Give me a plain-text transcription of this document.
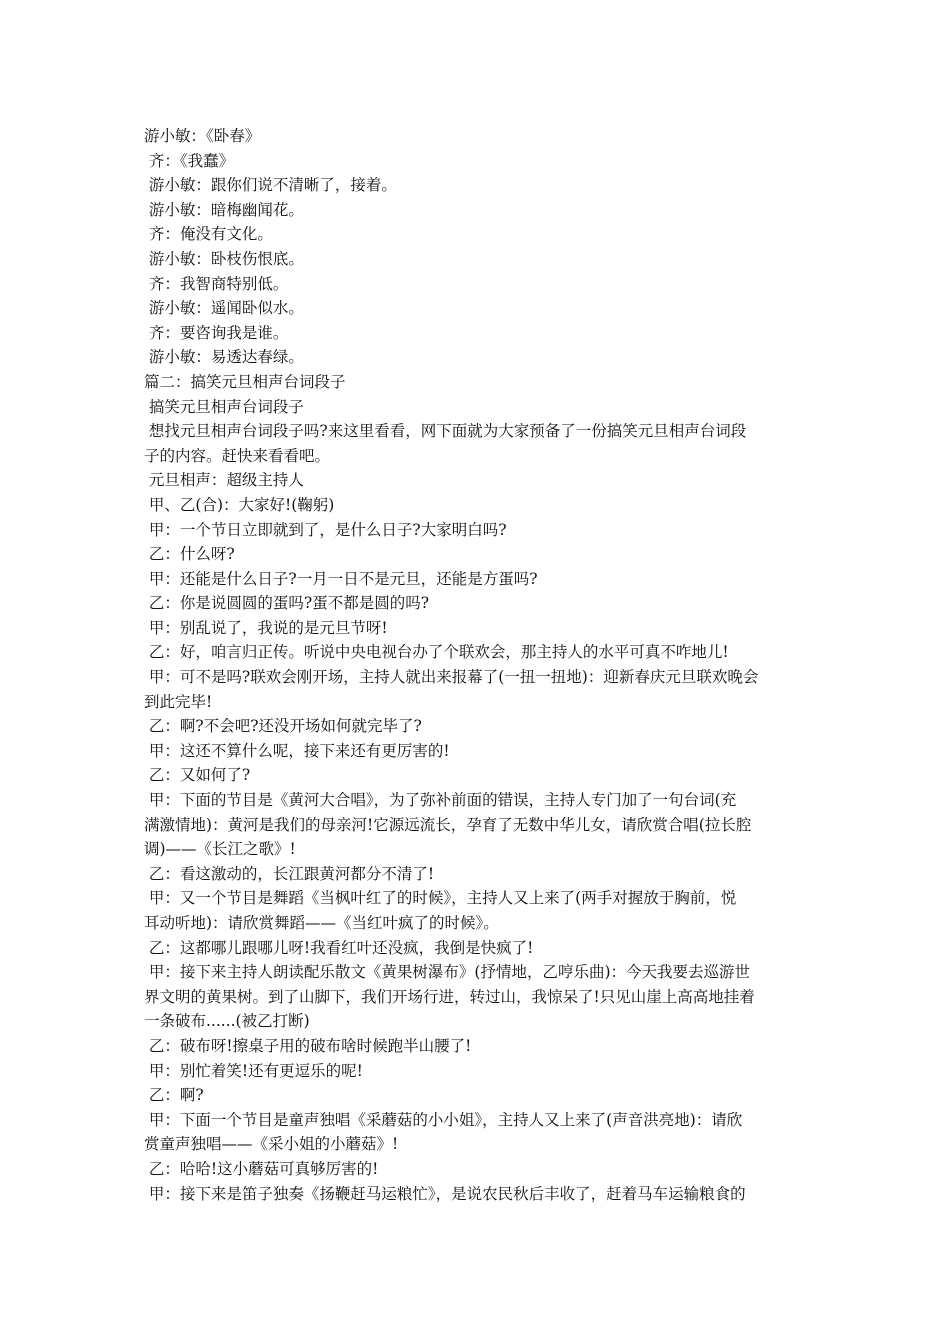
游小敏：《卧春》
齐：《我蠢》
游小敏：跟你们说不清晰了，接着。
游小敏：暗梅幽闻花。
齐：俺没有文化。
游小敏：卧枝伤恨底。
齐：我智商特别低。
游小敏：遥闻卧似水。
齐：要咨询我是谁。
游小敏：易透达春绿。
篇二：搞笑元旦相声台词段子
搞笑元旦相声台词段子
想找元旦相声台词段子吗?来这里看看，网下面就为大家预备了一份搞笑元旦相声台词段
子的内容。赶快来看看吧。
元旦相声：超级主持人
甲、乙(合)：大家好!(鞠躬)
甲：一个节日立即就到了，是什么日子?大家明白吗?
乙：什么呀?
甲：还能是什么日子?一月一日不是元旦，还能是方蛋吗?
乙：你是说圆圆的蛋吗?蛋不都是圆的吗?
甲：别乱说了，我说的是元旦节呀!
乙：好，咱言归正传。听说中央电视台办了个联欢会，那主持人的水平可真不咋地儿!
甲：可不是吗?联欢会刚开场，主持人就出来报幕了(一扭一扭地)：迎新春庆元旦联欢晚会
到此完毕!
乙：啊?不会吧?还没开场如何就完毕了?
甲：这还不算什么呢，接下来还有更厉害的!
乙：又如何了?
甲：下面的节目是《黄河大合唱》，为了弥补前面的错误，主持人专门加了一句台词(充
满激情地)：黄河是我们的母亲河!它源远流长，孕育了无数中华儿女，请欣赏合唱(拉长腔
调)——《长江之歌》!
乙：看这激动的，长江跟黄河都分不清了!
甲：又一个节目是舞蹈《当枫叶红了的时候》，主持人又上来了(两手对握放于胸前，悦
耳动听地)：请欣赏舞蹈——《当红叶疯了的时候》。
乙：这都哪儿跟哪儿呀!我看红叶还没疯，我倒是快疯了!
甲：接下来主持人朗读配乐散文《黄果树瀑布》(抒情地，乙哼乐曲)：今天我要去巡游世
界文明的黄果树。到了山脚下，我们开场行进，转过山，我惊呆了!只见山崖上高高地挂着
一条破布......(被乙打断)
乙：破布呀!擦桌子用的破布啥时候跑半山腰了!
甲：别忙着笑!还有更逗乐的呢!
乙：啊?
甲：下面一个节目是童声独唱《采蘑菇的小小姐》，主持人又上来了(声音洪亮地)：请欣
赏童声独唱——《采小姐的小蘑菇》!
乙：哈哈!这小蘑菇可真够厉害的!
甲：接下来是笛子独奏《扬鞭赶马运粮忙》，是说农民秋后丰收了，赶着马车运输粮食的
